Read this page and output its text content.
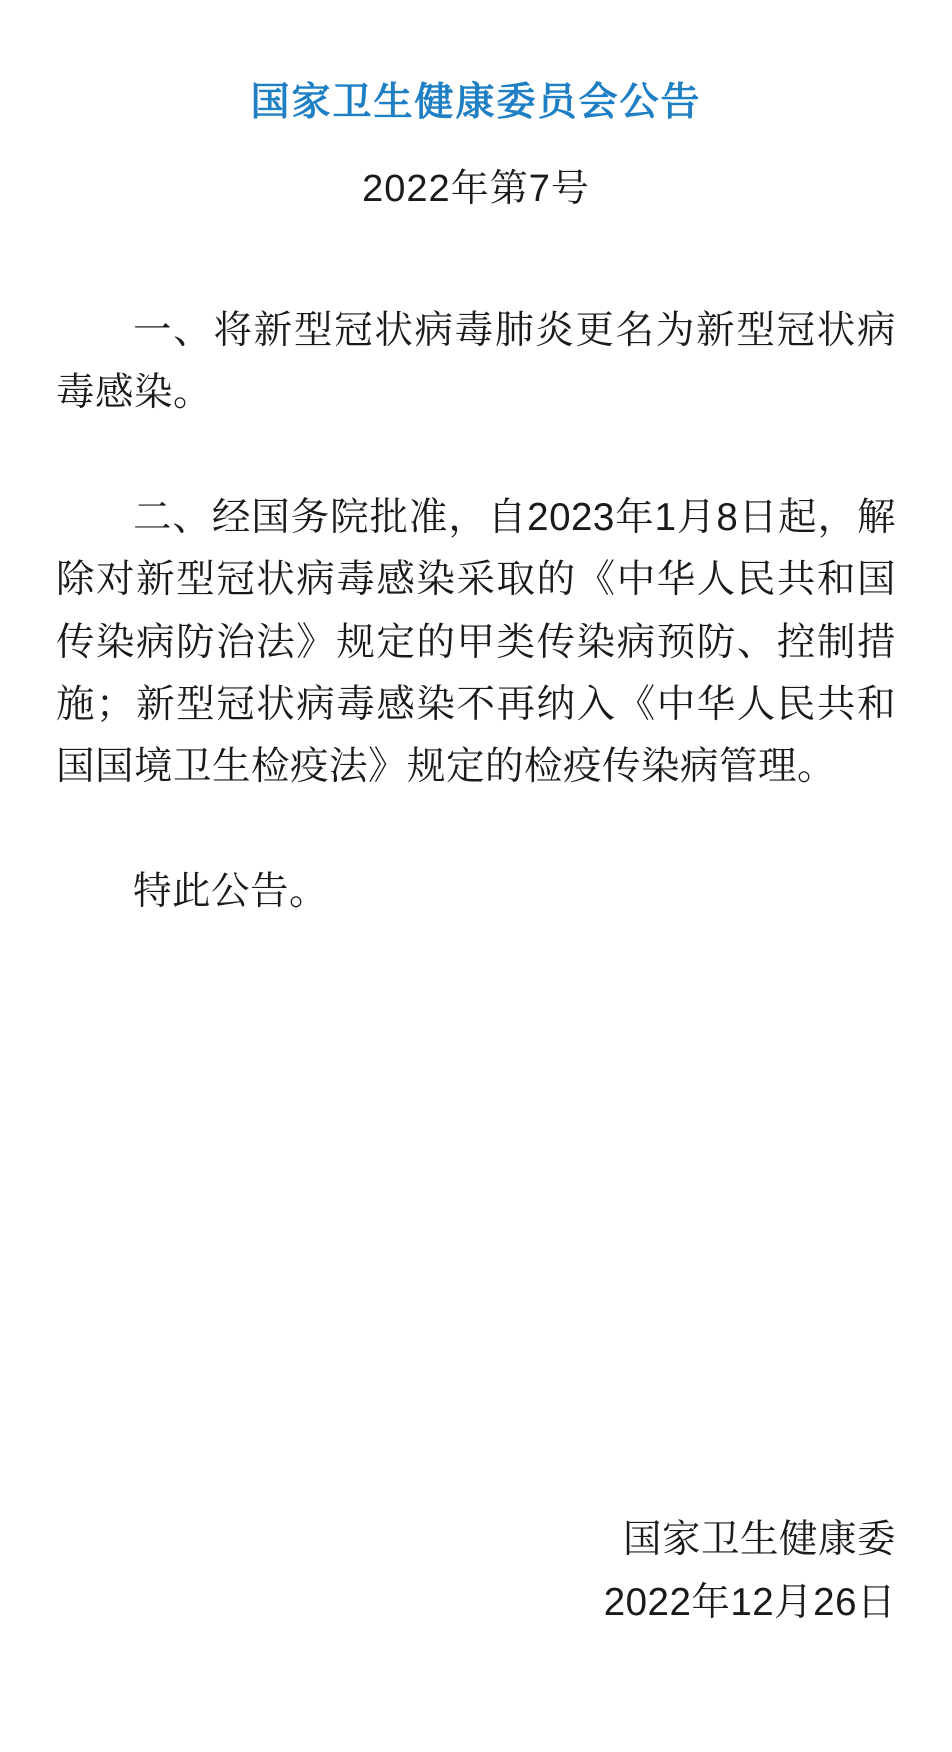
国家卫生健康委员会公告

2022年第7号

一、将新型冠状病毒肺炎更名为新型冠状病毒感染。

二、经国务院批准，自2023年1月8日起，解除对新型冠状病毒感染采取的《中华人民共和国传染病防治法》规定的甲类传染病预防、控制措施；新型冠状病毒感染不再纳入《中华人民共和国国境卫生检疫法》规定的检疫传染病管理。

特此公告。

国家卫生健康委
2022年12月26日
